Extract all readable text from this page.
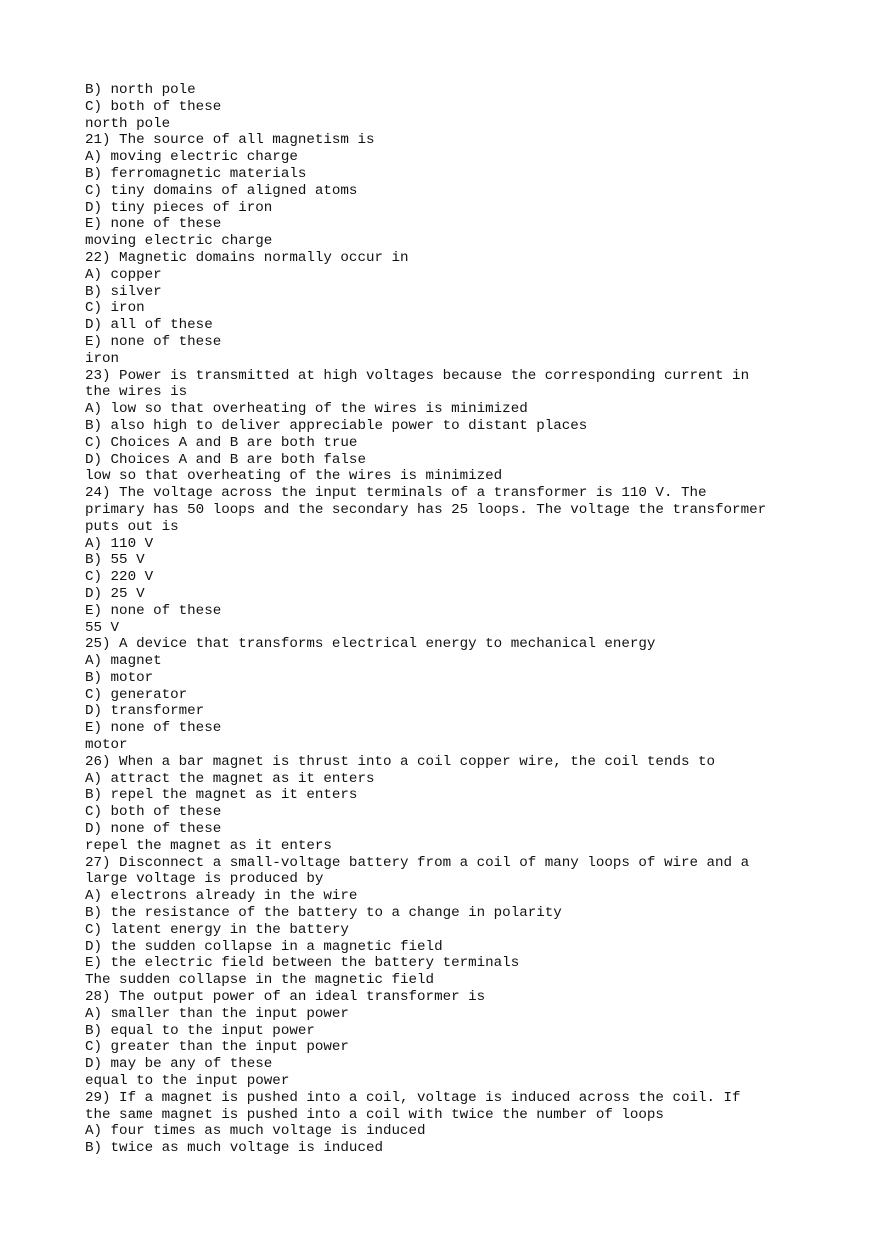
B) north pole
C) both of these
north pole
21) The source of all magnetism is
A) moving electric charge
B) ferromagnetic materials
C) tiny domains of aligned atoms
D) tiny pieces of iron
E) none of these
moving electric charge
22) Magnetic domains normally occur in
A) copper
B) silver
C) iron
D) all of these
E) none of these
iron
23) Power is transmitted at high voltages because the corresponding current in
the wires is
A) low so that overheating of the wires is minimized
B) also high to deliver appreciable power to distant places
C) Choices A and B are both true
D) Choices A and B are both false
low so that overheating of the wires is minimized
24) The voltage across the input terminals of a transformer is 110 V. The
primary has 50 loops and the secondary has 25 loops. The voltage the transformer
puts out is
A) 110 V
B) 55 V
C) 220 V
D) 25 V
E) none of these
55 V
25) A device that transforms electrical energy to mechanical energy
A) magnet
B) motor
C) generator
D) transformer
E) none of these
motor
26) When a bar magnet is thrust into a coil copper wire, the coil tends to
A) attract the magnet as it enters
B) repel the magnet as it enters
C) both of these
D) none of these
repel the magnet as it enters
27) Disconnect a small-voltage battery from a coil of many loops of wire and a
large voltage is produced by
A) electrons already in the wire
B) the resistance of the battery to a change in polarity
C) latent energy in the battery
D) the sudden collapse in a magnetic field
E) the electric field between the battery terminals
The sudden collapse in the magnetic field
28) The output power of an ideal transformer is
A) smaller than the input power
B) equal to the input power
C) greater than the input power
D) may be any of these
equal to the input power
29) If a magnet is pushed into a coil, voltage is induced across the coil. If
the same magnet is pushed into a coil with twice the number of loops
A) four times as much voltage is induced
B) twice as much voltage is induced
